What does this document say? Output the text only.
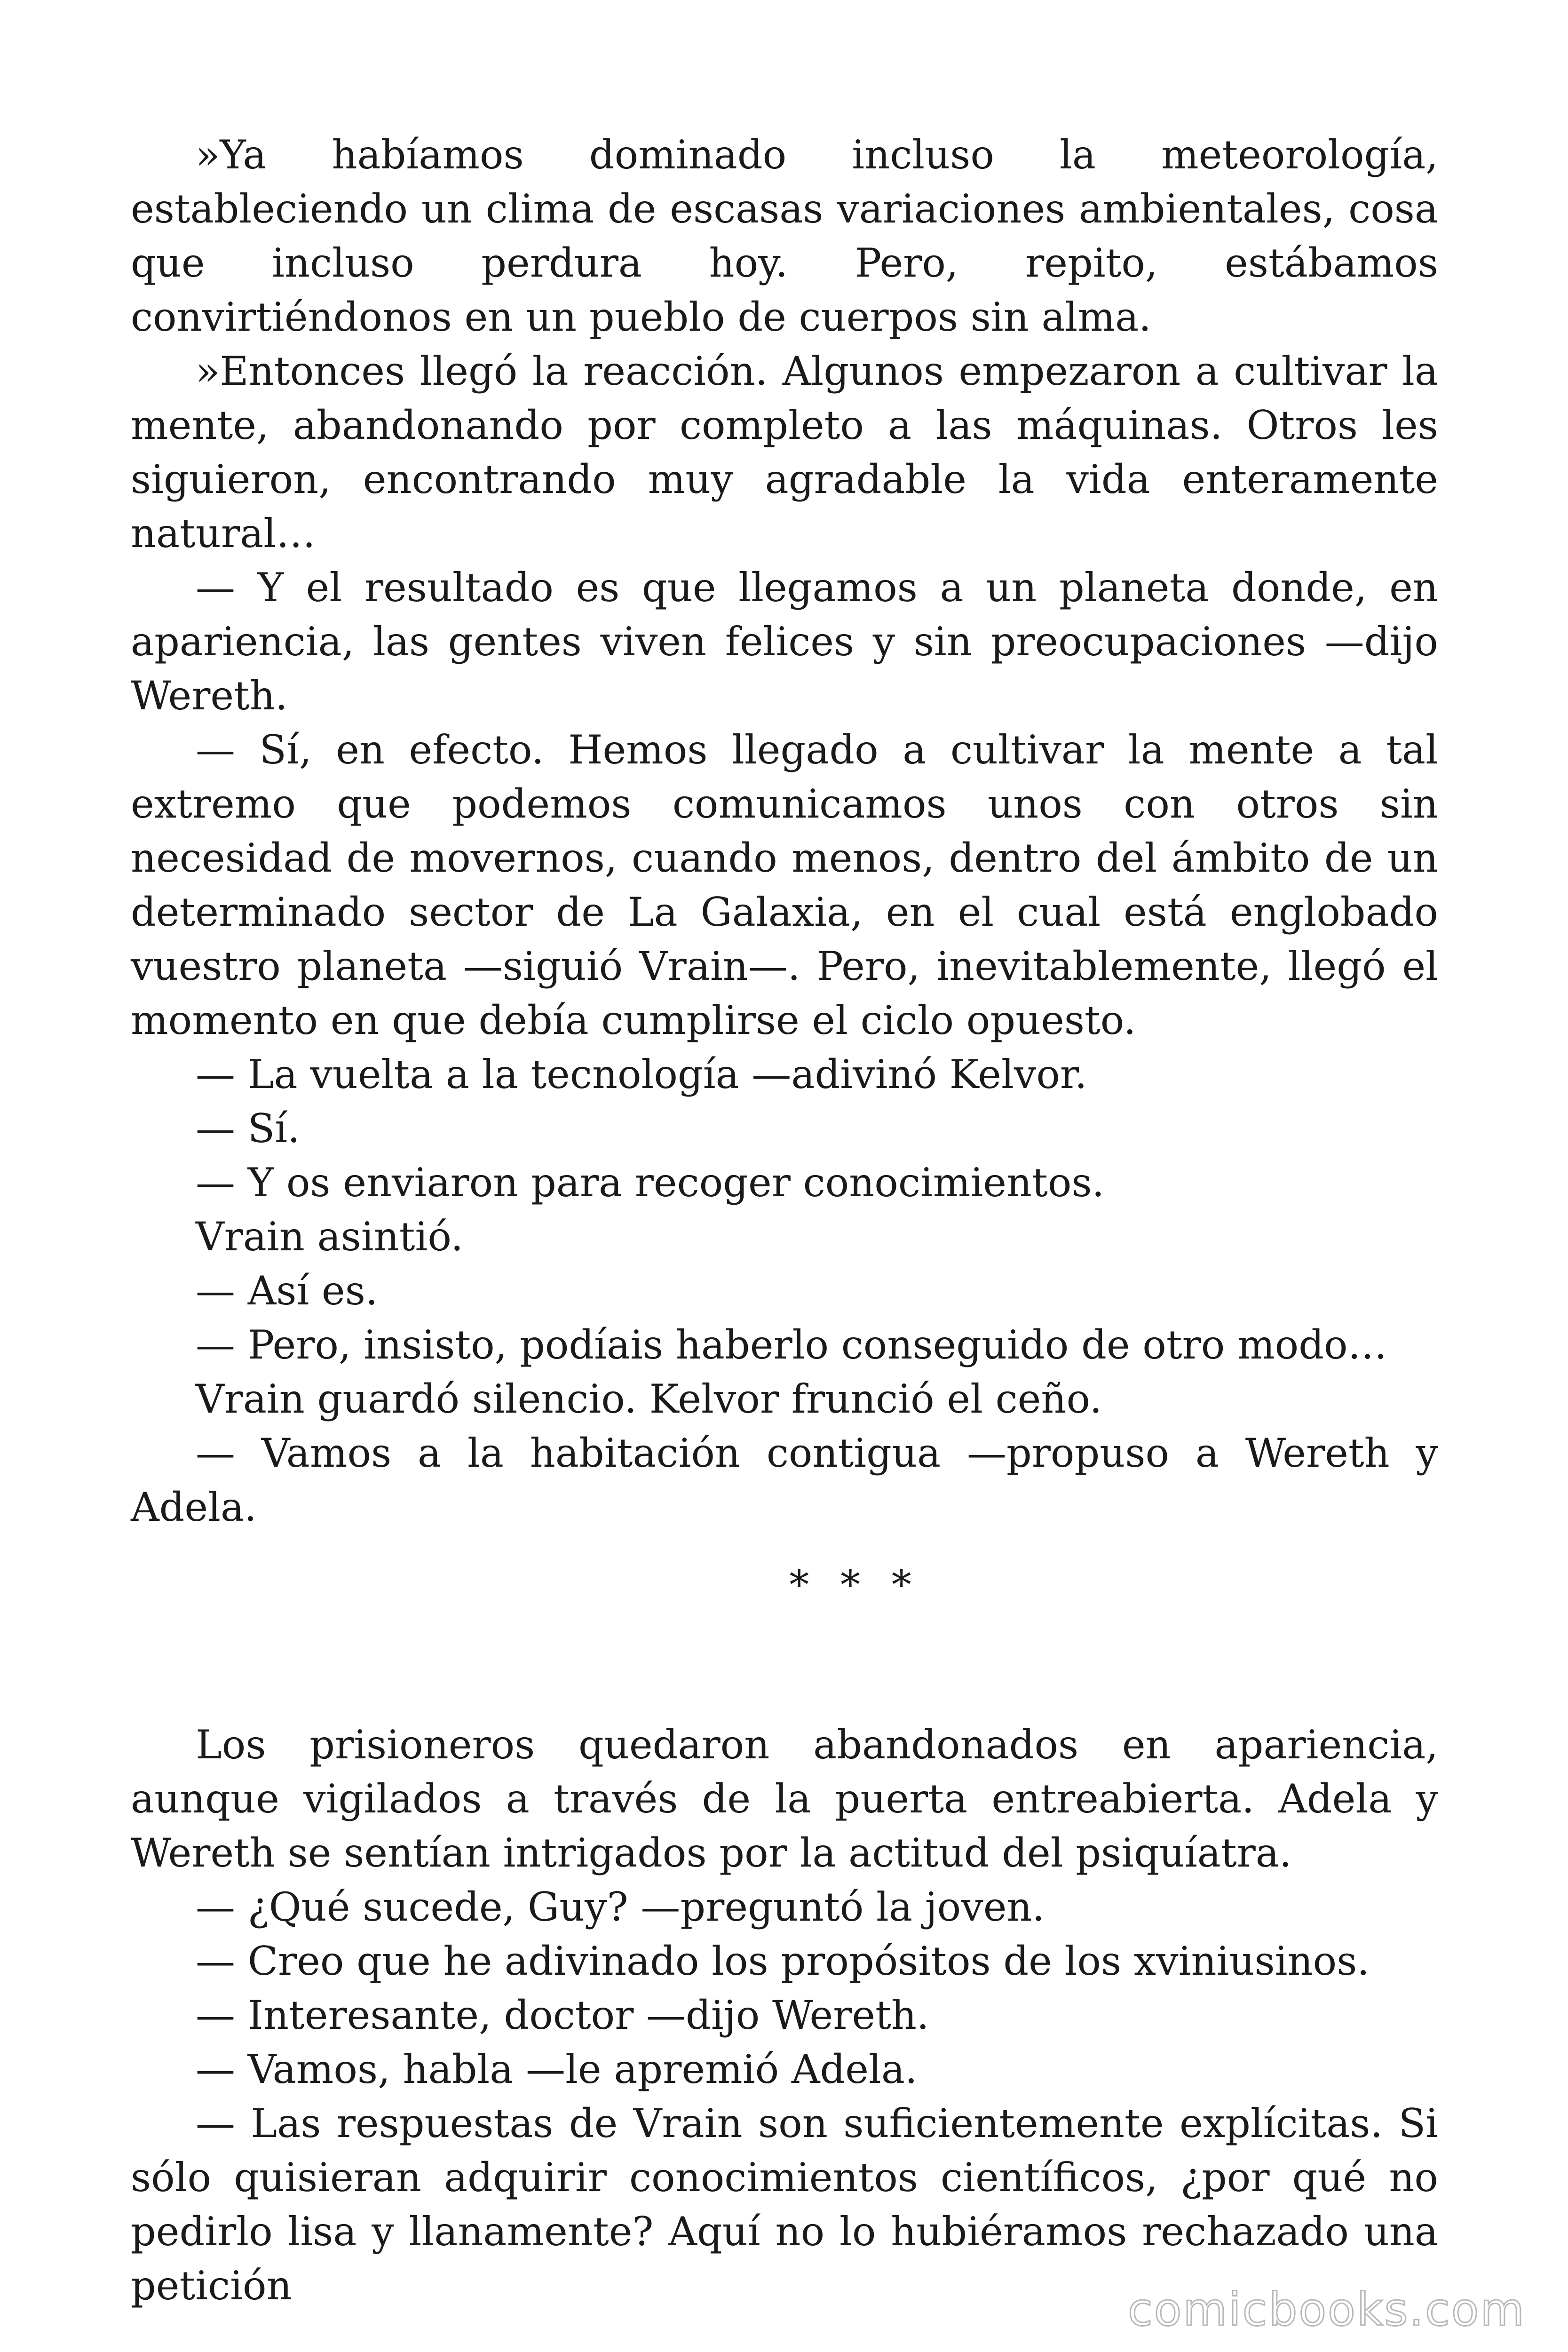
»Ya habíamos dominado incluso la meteorología, estableciendo un clima de escasas variaciones ambientales, cosa que incluso perdura hoy. Pero, repito, estábamos convirtiéndonos en un pueblo de cuerpos sin alma.

»Entonces llegó la reacción. Algunos empezaron a cultivar la mente, abandonando por completo a las máquinas. Otros les siguieron, encontrando muy agradable la vida enteramente natural…

— Y el resultado es que llegamos a un planeta donde, en apariencia, las gentes viven felices y sin preocupaciones —dijo Wereth.

— Sí, en efecto. Hemos llegado a cultivar la mente a tal extremo que podemos comunicamos unos con otros sin necesidad de movernos, cuando menos, dentro del ámbito de un determinado sector de La Galaxia, en el cual está englobado vuestro planeta —siguió Vrain—. Pero, inevitablemente, llegó el momento en que debía cumplirse el ciclo opuesto.

— La vuelta a la tecnología —adivinó Kelvor.

— Sí.

— Y os enviaron para recoger conocimientos.

Vrain asintió.

— Así es.

— Pero, insisto, podíais haberlo conseguido de otro modo…

Vrain guardó silencio. Kelvor frunció el ceño.

— Vamos a la habitación contigua —propuso a Wereth y Adela.

* * *

Los prisioneros quedaron abandonados en apariencia, aunque vigilados a través de la puerta entreabierta. Adela y Wereth se sentían intrigados por la actitud del psiquíatra.

— ¿Qué sucede, Guy? —preguntó la joven.

— Creo que he adivinado los propósitos de los xviniusinos.

— Interesante, doctor —dijo Wereth.

— Vamos, habla —le apremió Adela.

— Las respuestas de Vrain son suficientemente explícitas. Si sólo quisieran adquirir conocimientos científicos, ¿por qué no pedirlo lisa y llanamente? Aquí no lo hubiéramos rechazado una petición	comicbooks.com
